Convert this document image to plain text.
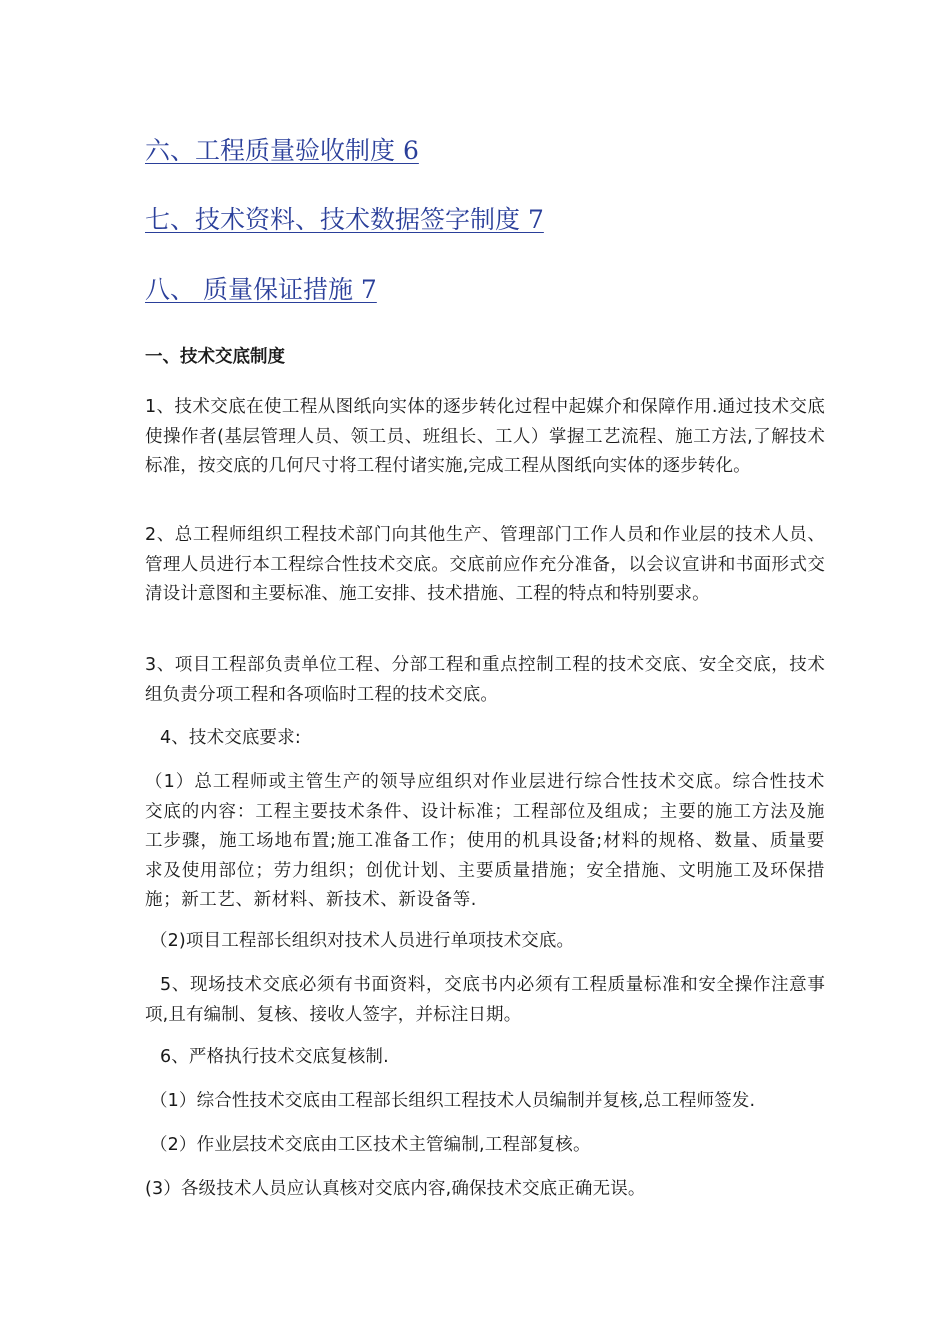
六、工程质量验收制度 6
七、技术资料、技术数据签字制度 7
八、 质量保证措施 7
一、技术交底制度
1、技术交底在使工程从图纸向实体的逐步转化过程中起媒介和保障作用.通过技术交底使操作者(基层管理人员、领工员、班组长、工人）掌握工艺流程、施工方法,了解技术标准，按交底的几何尺寸将工程付诸实施,完成工程从图纸向实体的逐步转化。
2、总工程师组织工程技术部门向其他生产、管理部门工作人员和作业层的技术人员、管理人员进行本工程综合性技术交底。交底前应作充分准备，以会议宣讲和书面形式交清设计意图和主要标准、施工安排、技术措施、工程的特点和特别要求。
3、项目工程部负责单位工程、分部工程和重点控制工程的技术交底、安全交底，技术组负责分项工程和各项临时工程的技术交底。
4、技术交底要求:
（1）总工程师或主管生产的领导应组织对作业层进行综合性技术交底。综合性技术交底的内容：工程主要技术条件、设计标准；工程部位及组成；主要的施工方法及施工步骤，施工场地布置;施工准备工作；使用的机具设备;材料的规格、数量、质量要求及使用部位；劳力组织；创优计划、主要质量措施；安全措施、文明施工及环保措施；新工艺、新材料、新技术、新设备等.
（2)项目工程部长组织对技术人员进行单项技术交底。
5、现场技术交底必须有书面资料，交底书内必须有工程质量标准和安全操作注意事项,且有编制、复核、接收人签字，并标注日期。
6、严格执行技术交底复核制.
（1）综合性技术交底由工程部长组织工程技术人员编制并复核,总工程师签发.
（2）作业层技术交底由工区技术主管编制,工程部复核。
(3）各级技术人员应认真核对交底内容,确保技术交底正确无误。
